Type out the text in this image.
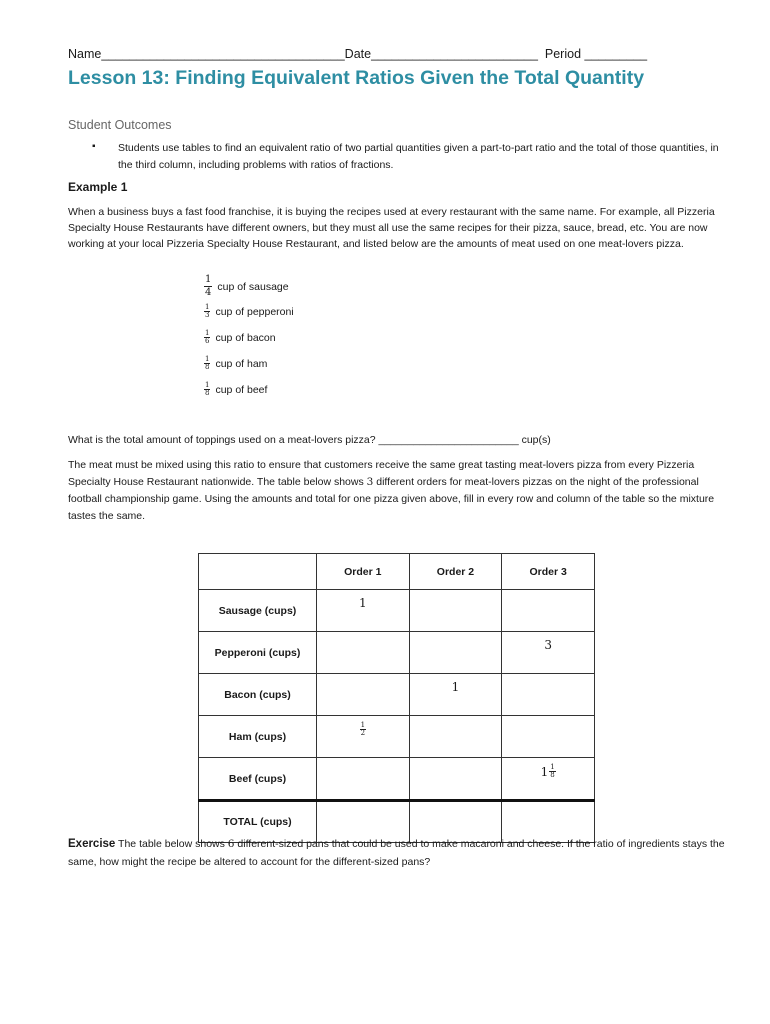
Name___________________________________Date________________________ Period _________
Lesson 13: Finding Equivalent Ratios Given the Total Quantity
Student Outcomes
▪ Students use tables to find an equivalent ratio of two partial quantities given a part-to-part ratio and the total of those quantities, in the third column, including problems with ratios of fractions.
Example 1
When a business buys a fast food franchise, it is buying the recipes used at every restaurant with the same name. For example, all Pizzeria Specialty House Restaurants have different owners, but they must all use the same recipes for their pizza, sauce, bread, etc. You are now working at your local Pizzeria Specialty House Restaurant, and listed below are the amounts of meat used on one meat-lovers pizza.
$\frac{1}{4}$ cup of sausage
$\frac{1}{3}$ cup of pepperoni
$\frac{1}{6}$ cup of bacon
$\frac{1}{8}$ cup of ham
$\frac{1}{8}$ cup of beef
What is the total amount of toppings used on a meat-lovers pizza? ________________________ cup(s)
The meat must be mixed using this ratio to ensure that customers receive the same great tasting meat-lovers pizza from every Pizzeria Specialty House Restaurant nationwide. The table below shows 3 different orders for meat-lovers pizzas on the night of the professional football championship game. Using the amounts and total for one pizza given above, fill in every row and column of the table so the mixture tastes the same.
	Order 1	Order 2	Order 3
Sausage (cups)	1		
Pepperoni (cups)			3
Bacon (cups)		1	
Ham (cups)	$\frac{1}{2}$

Beef (cups)			$1 \frac{1}{8}$

TOTAL (cups)			
Exercise The table below shows 6 different-sized pans that could be used to make macaroni and cheese. If the ratio of ingredients stays the same, how might the recipe be altered to account for the different-sized pans?
